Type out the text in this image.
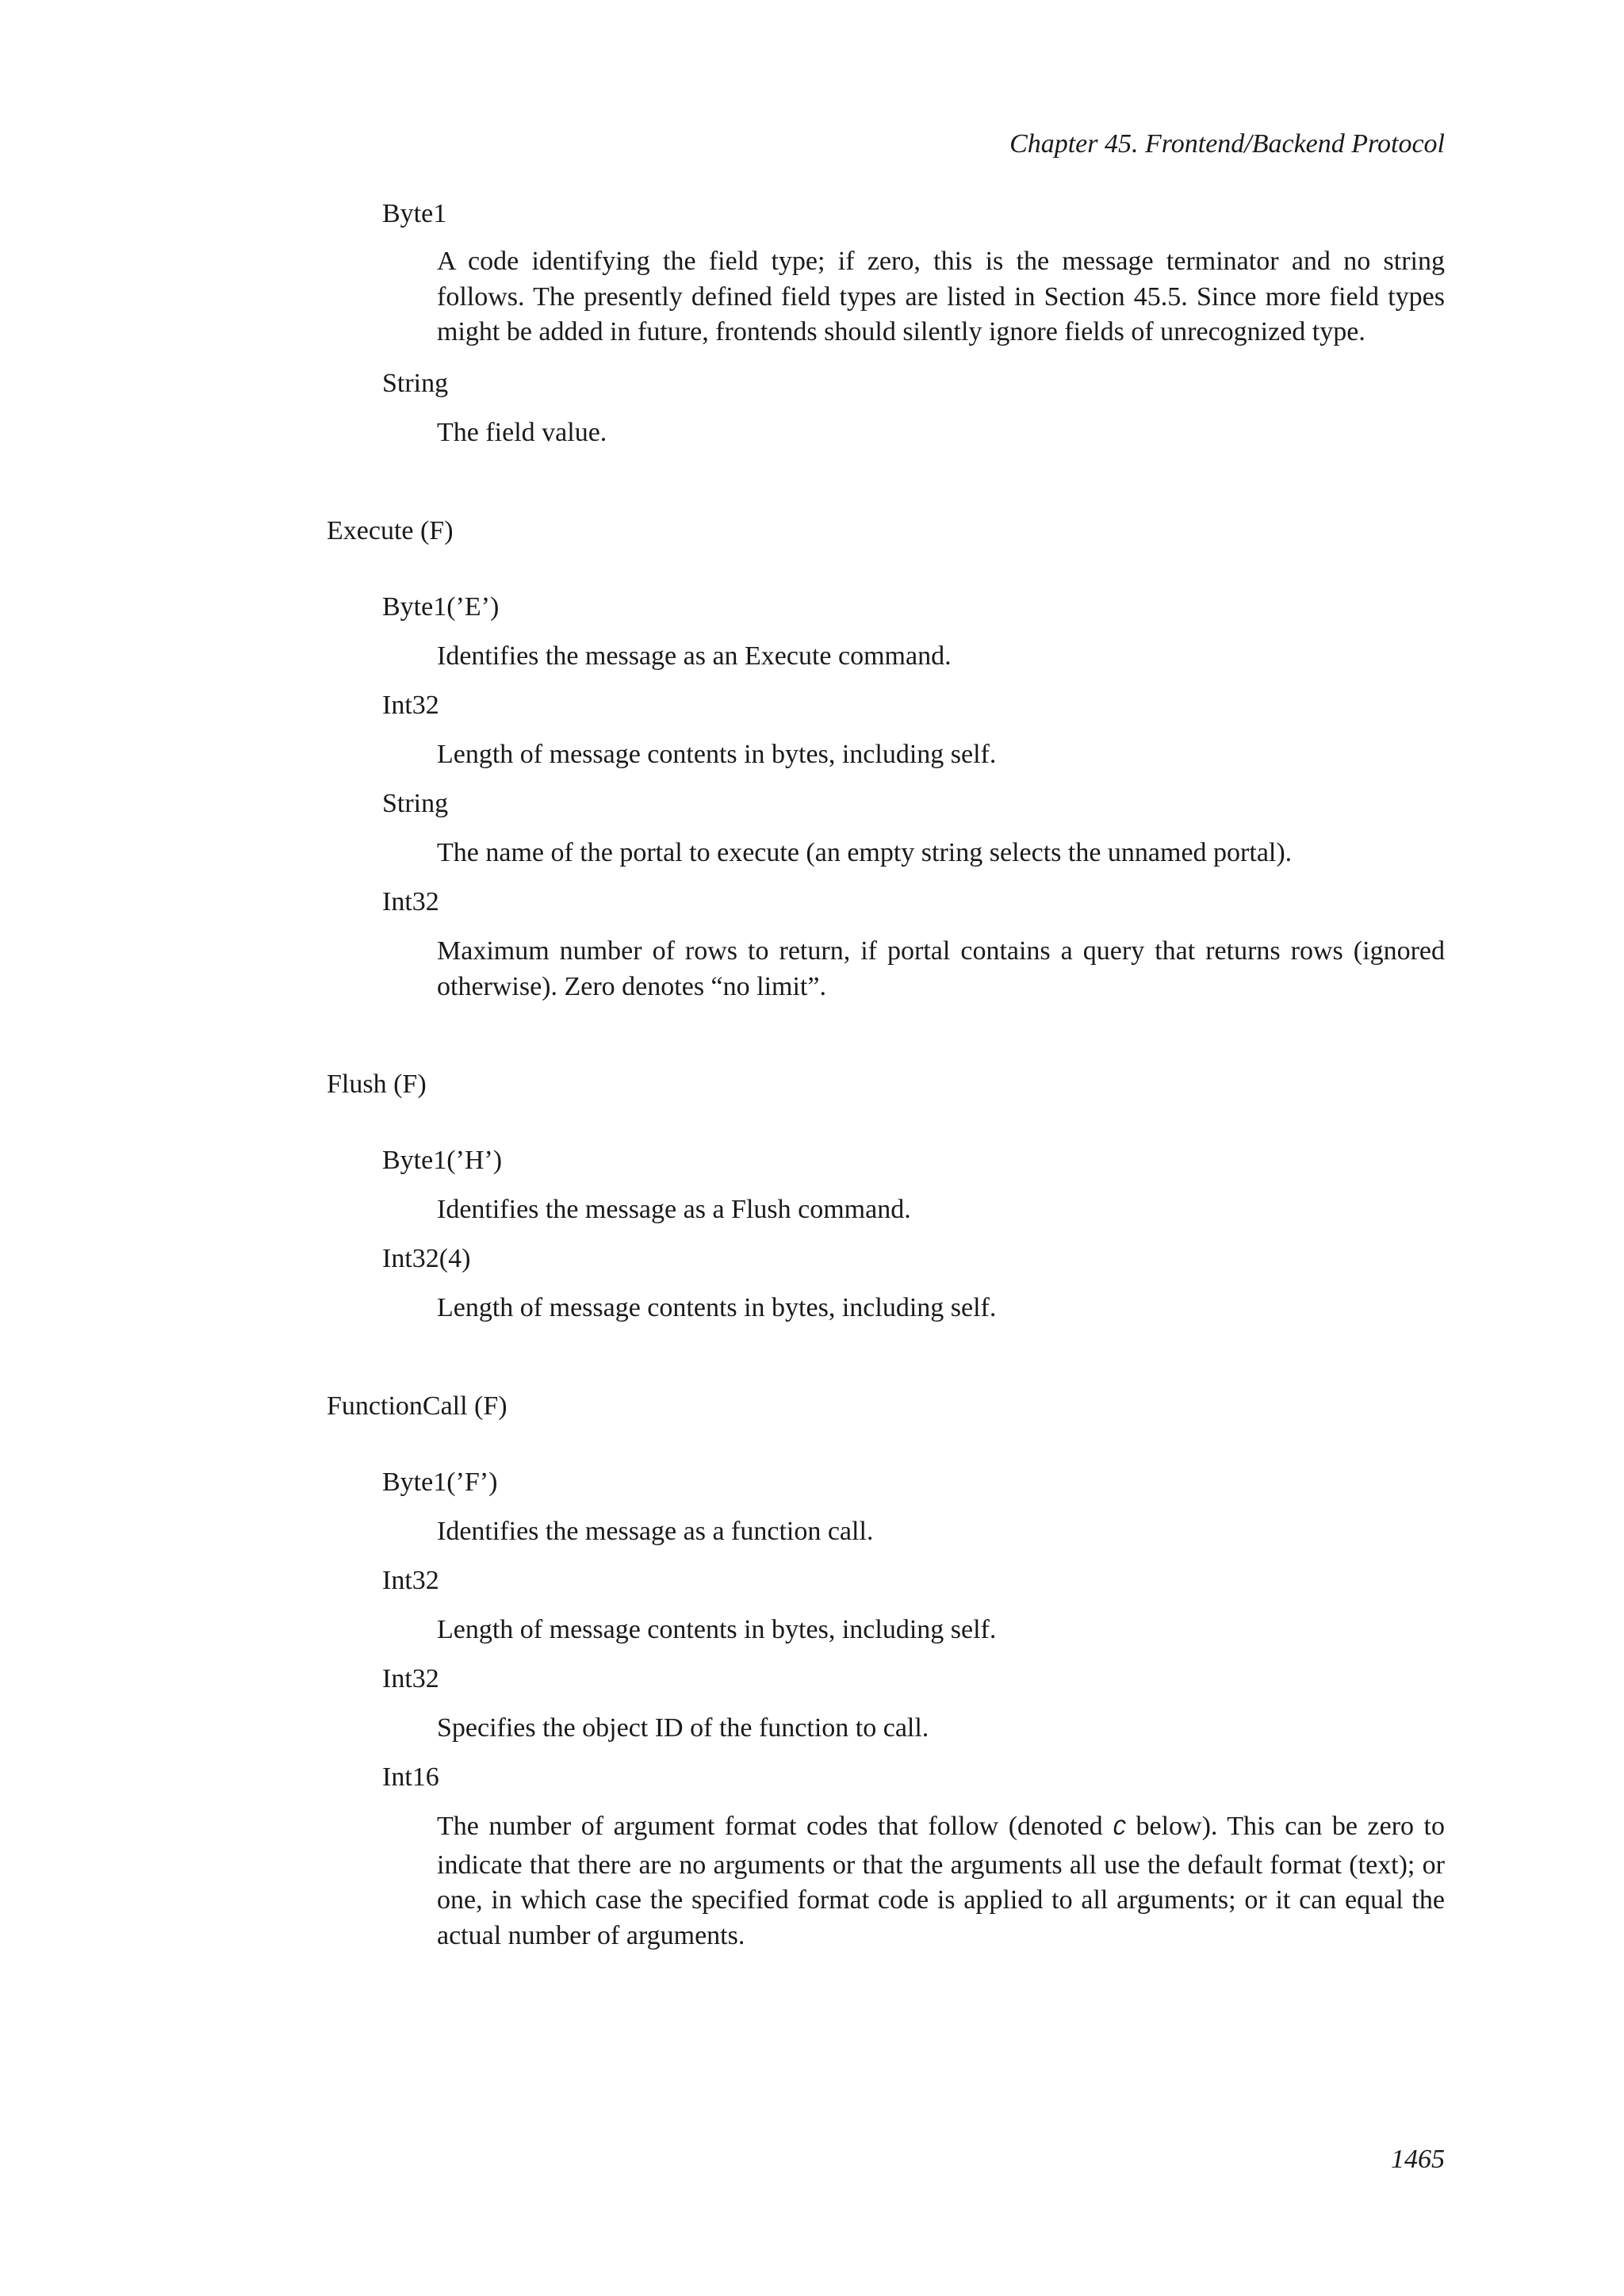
Chapter 45. Frontend/Backend Protocol
Byte1
A code identifying the field type; if zero, this is the message terminator and no string follows. The presently defined field types are listed in Section 45.5. Since more field types might be added in future, frontends should silently ignore fields of unrecognized type.
String
The field value.
Execute (F)
Byte1(’E’)
Identifies the message as an Execute command.
Int32
Length of message contents in bytes, including self.
String
The name of the portal to execute (an empty string selects the unnamed portal).
Int32
Maximum number of rows to return, if portal contains a query that returns rows (ignored otherwise). Zero denotes “no limit”.
Flush (F)
Byte1(’H’)
Identifies the message as a Flush command.
Int32(4)
Length of message contents in bytes, including self.
FunctionCall (F)
Byte1(’F’)
Identifies the message as a function call.
Int32
Length of message contents in bytes, including self.
Int32
Specifies the object ID of the function to call.
Int16
The number of argument format codes that follow (denoted C below). This can be zero to indicate that there are no arguments or that the arguments all use the default format (text); or one, in which case the specified format code is applied to all arguments; or it can equal the actual number of arguments.
1465
